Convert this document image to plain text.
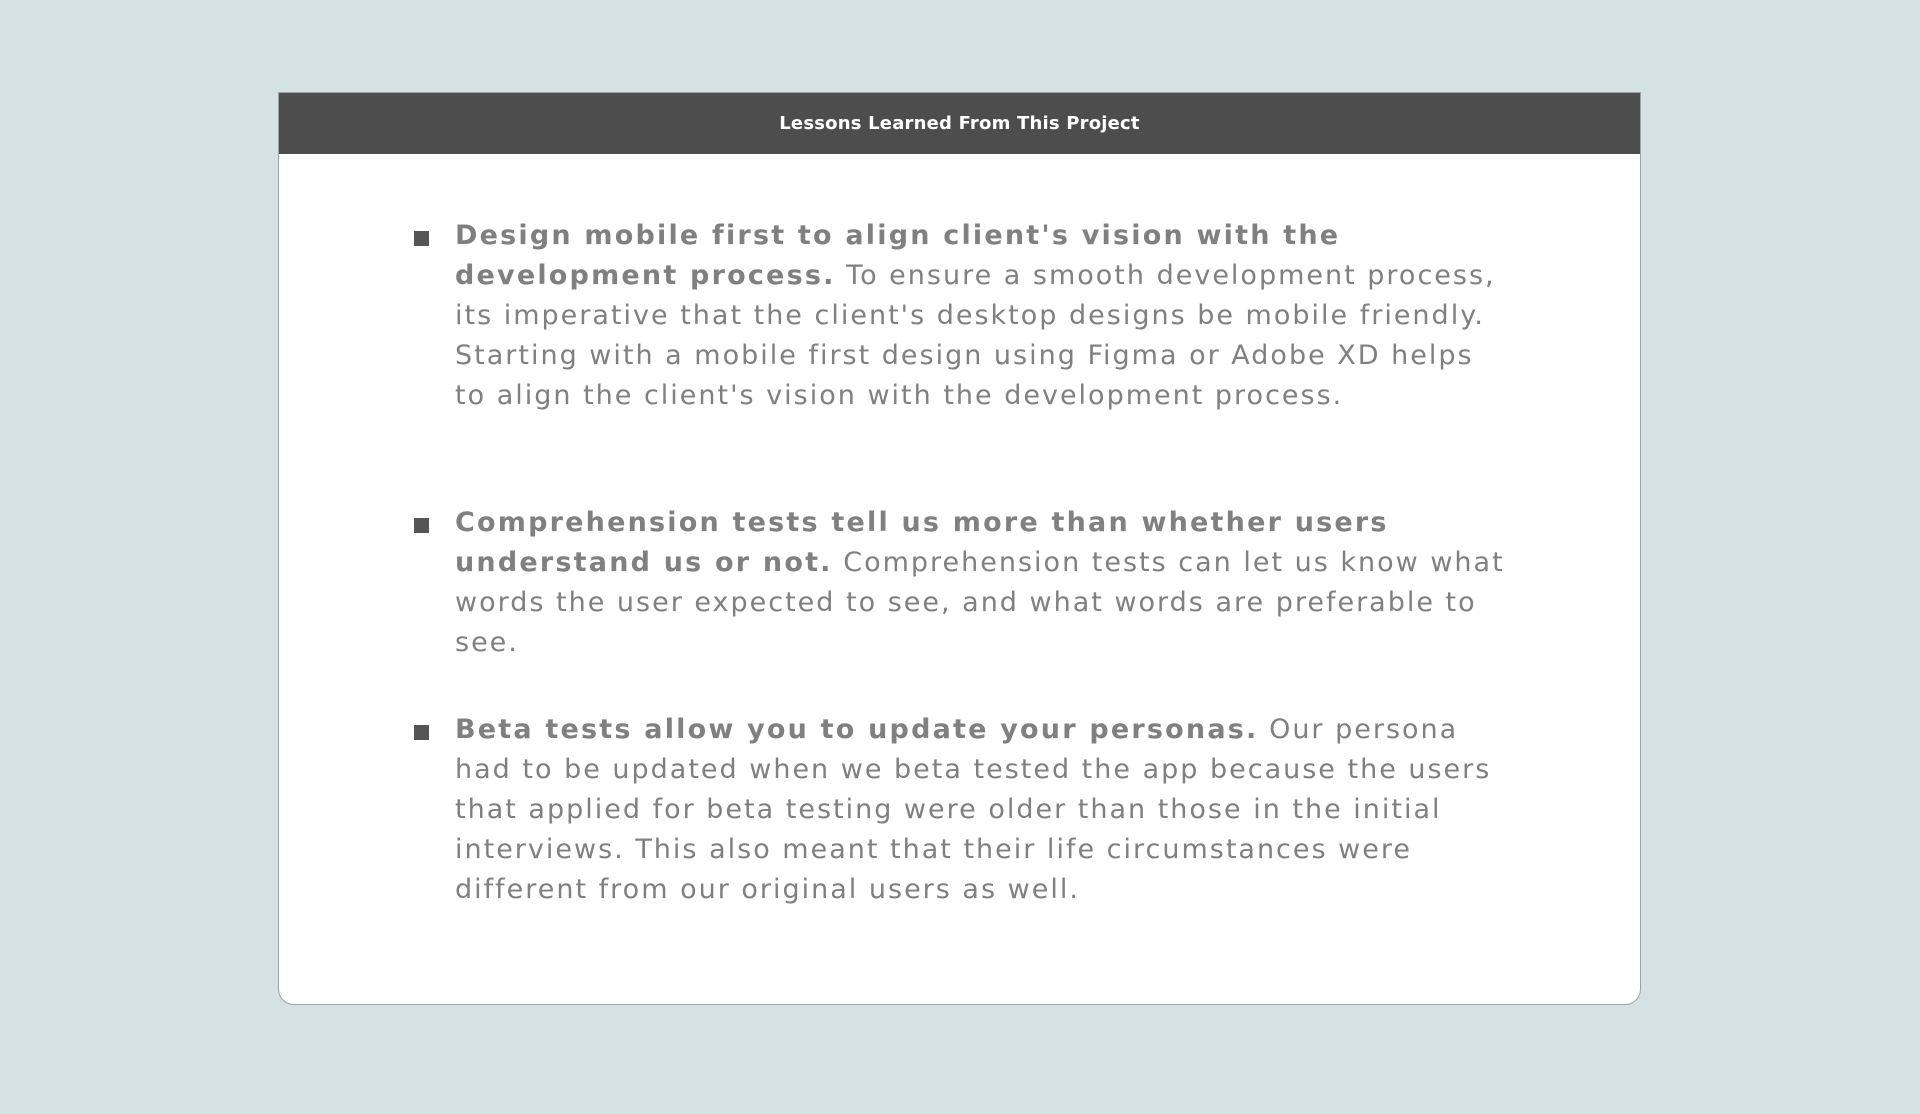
Lessons Learned From This Project

Design mobile first to align client's vision with the development process. To ensure a smooth development process, its imperative that the client's desktop designs be mobile friendly. Starting with a mobile first design using Figma or Adobe XD helps to align the client's vision with the development process.

Comprehension tests tell us more than whether users understand us or not. Comprehension tests can let us know what words the user expected to see, and what words are preferable to see.

Beta tests allow you to update your personas. Our persona had to be updated when we beta tested the app because the users that applied for beta testing were older than those in the initial interviews. This also meant that their life circumstances were different from our original users as well.
